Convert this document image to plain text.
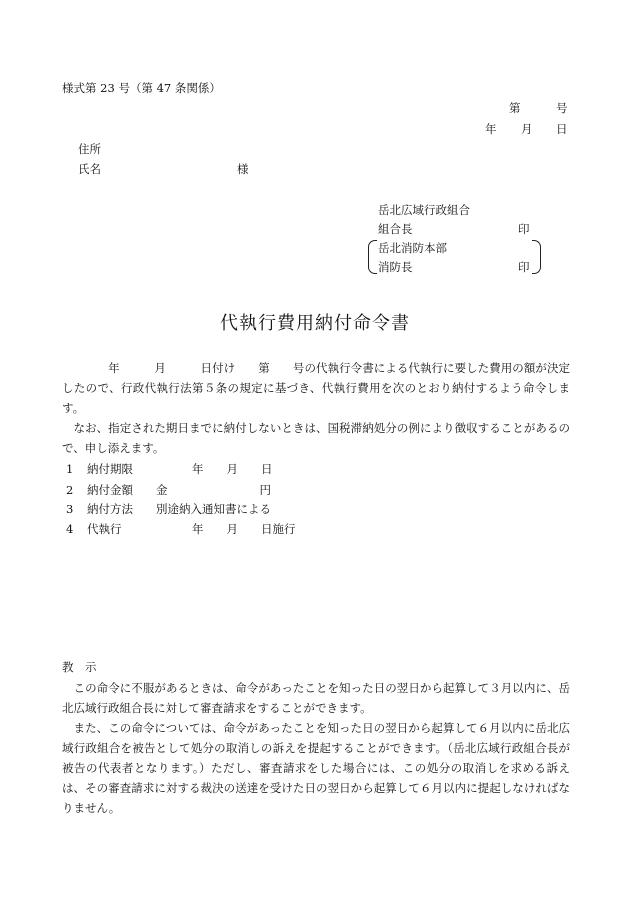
様式第 23 号（第 47 条関係）
第	号
年 月 日
住所
氏名	様
岳北広域行政組合
組合長	印
岳北消防本部
消防長	印
代執行費用納付命令書
　　　　年　　　月　　　日付け　　第　　号の代執行令書による代執行に要した費用の額が決定したので、行政代執行法第５条の規定に基づき、代執行費用を次のとおり納付するよう命令します。
　なお、指定された期日までに納付しないときは、国税滞納処分の例により徴収することがあるので、申し添えます。
1 納付期限	年　　月　　日
2 納付金額 金　　　　　　　　円
3 納付方法 別途納入通知書による
4 代執行	年　　月　　日施行
教　示
　この命令に不服があるときは、命令があったことを知った日の翌日から起算して３月以内に、岳北広域行政組合長に対して審査請求をすることができます。
　また、この命令については、命令があったことを知った日の翌日から起算して６月以内に岳北広域行政組合を被告として処分の取消しの訴えを提起することができます。（岳北広域行政組合長が被告の代表者となります。）ただし、審査請求をした場合には、この処分の取消しを求める訴えは、その審査請求に対する裁決の送達を受けた日の翌日から起算して６月以内に提起しなければなりません。
